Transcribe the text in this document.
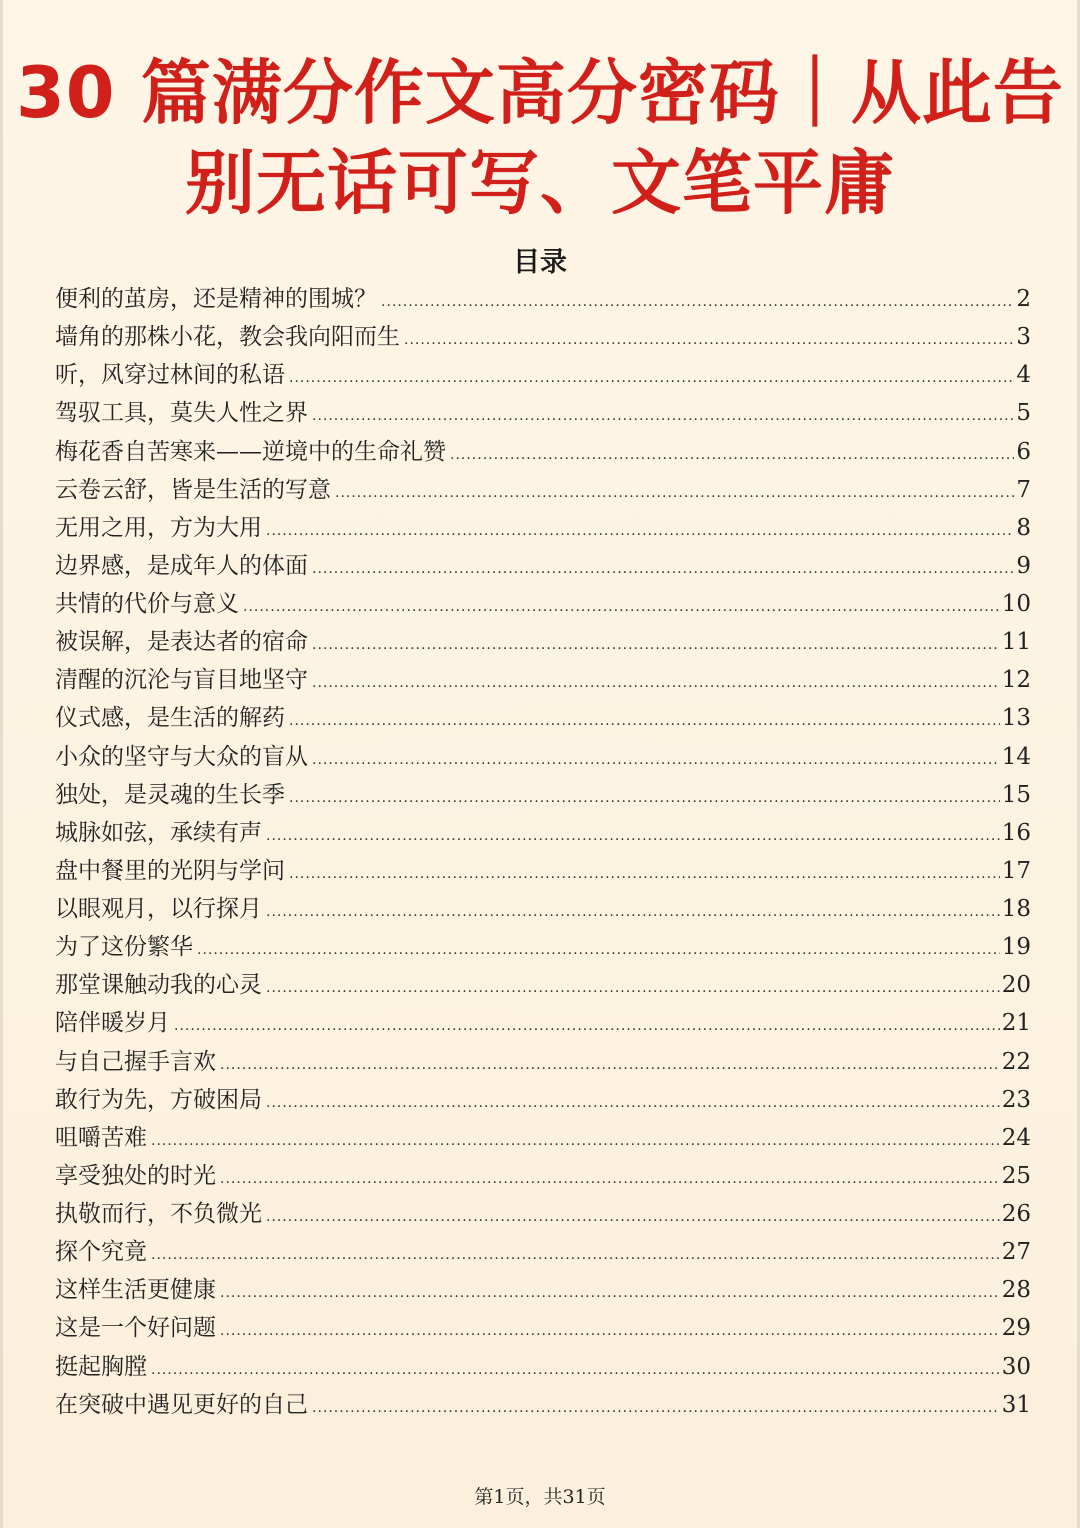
30 篇满分作文高分密码｜从此告
别无话可写、文笔平庸
目录
便利的茧房，还是精神的围城？ .....	2
墙角的那株小花，教会我向阳而生 .....	3
听，风穿过林间的私语 .....	4
驾驭工具，莫失人性之界 .....	5
梅花香自苦寒来——逆境中的生命礼赞 .....	6
云卷云舒，皆是生活的写意 .....	7
无用之用，方为大用 .....	8
边界感，是成年人的体面 .....	9
共情的代价与意义 .....	10
被误解，是表达者的宿命 .....	11
清醒的沉沦与盲目地坚守 .....	12
仪式感，是生活的解药 .....	13
小众的坚守与大众的盲从 .....	14
独处，是灵魂的生长季 .....	15
城脉如弦，承续有声 .....	16
盘中餐里的光阴与学问 .....	17
以眼观月，以行探月 .....	18
为了这份繁华 .....	19
那堂课触动我的心灵 .....	20
陪伴暖岁月 .....	21
与自己握手言欢 .....	22
敢行为先，方破困局 .....	23
咀嚼苦难 .....	24
享受独处的时光 .....	25
执敬而行，不负微光 .....	26
探个究竟 .....	27
这样生活更健康 .....	28
这是一个好问题 .....	29
挺起胸膛 .....	30
在突破中遇见更好的自己 .....	31
第1页，共31页
